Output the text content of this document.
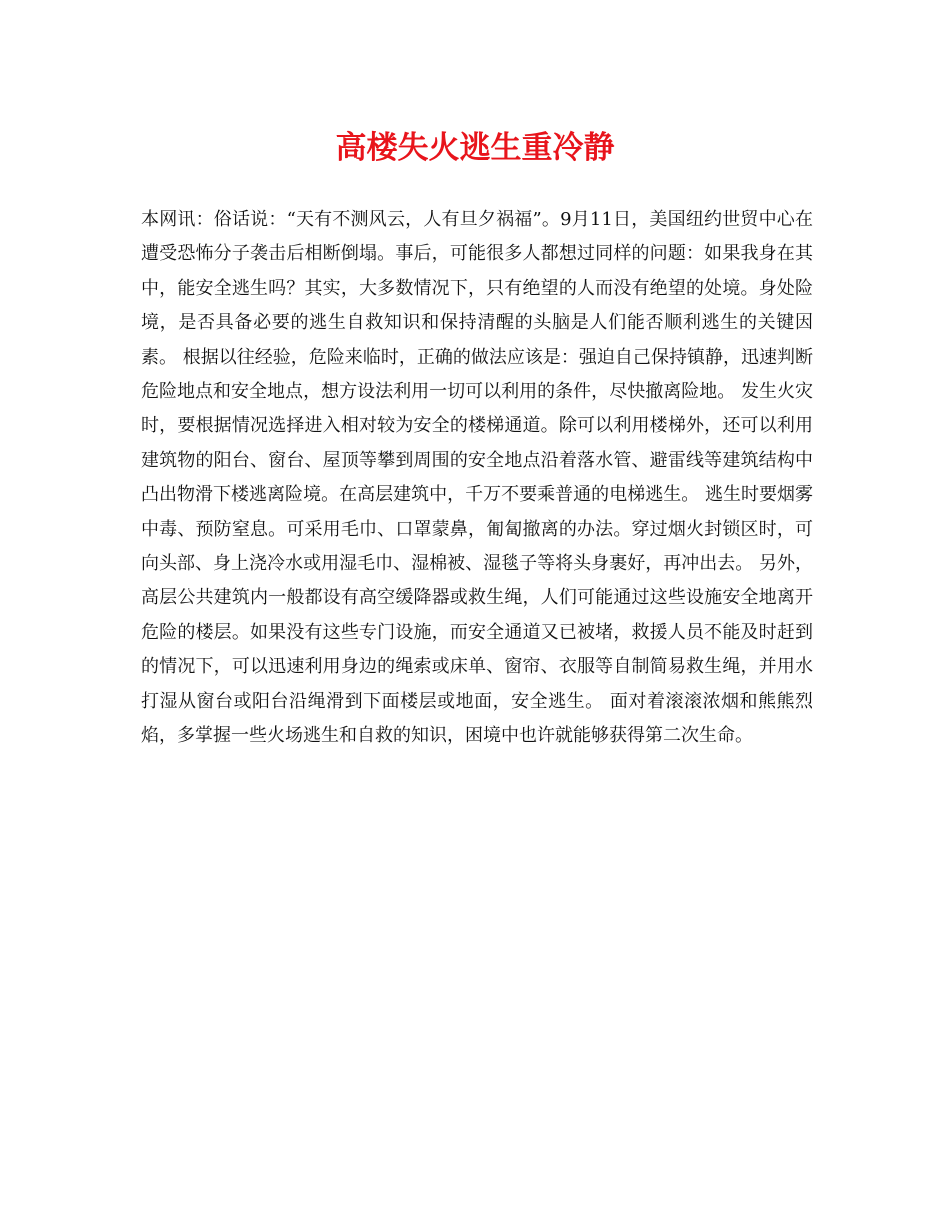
高楼失火逃生重冷静

本网讯：俗话说：“天有不测风云，人有旦夕祸福”。9月11日，美国纽约世贸中心在遭受恐怖分子袭击后相断倒塌。事后，可能很多人都想过同样的问题：如果我身在其中，能安全逃生吗？其实，大多数情况下，只有绝望的人而没有绝望的处境。身处险境，是否具备必要的逃生自救知识和保持清醒的头脑是人们能否顺利逃生的关键因素。 根据以往经验，危险来临时，正确的做法应该是：强迫自己保持镇静，迅速判断危险地点和安全地点，想方设法利用一切可以利用的条件，尽快撤离险地。 发生火灾时，要根据情况选择进入相对较为安全的楼梯通道。除可以利用楼梯外，还可以利用建筑物的阳台、窗台、屋顶等攀到周围的安全地点沿着落水管、避雷线等建筑结构中凸出物滑下楼逃离险境。在高层建筑中，千万不要乘普通的电梯逃生。 逃生时要烟雾中毒、预防窒息。可采用毛巾、口罩蒙鼻，匍匐撤离的办法。穿过烟火封锁区时，可向头部、身上浇冷水或用湿毛巾、湿棉被、湿毯子等将头身裹好，再冲出去。 另外，高层公共建筑内一般都设有高空缓降器或救生绳，人们可能通过这些设施安全地离开危险的楼层。如果没有这些专门设施，而安全通道又已被堵，救援人员不能及时赶到的情况下，可以迅速利用身边的绳索或床单、窗帘、衣服等自制简易救生绳，并用水打湿从窗台或阳台沿绳滑到下面楼层或地面，安全逃生。 面对着滚滚浓烟和熊熊烈焰，多掌握一些火场逃生和自救的知识，困境中也许就能够获得第二次生命。
